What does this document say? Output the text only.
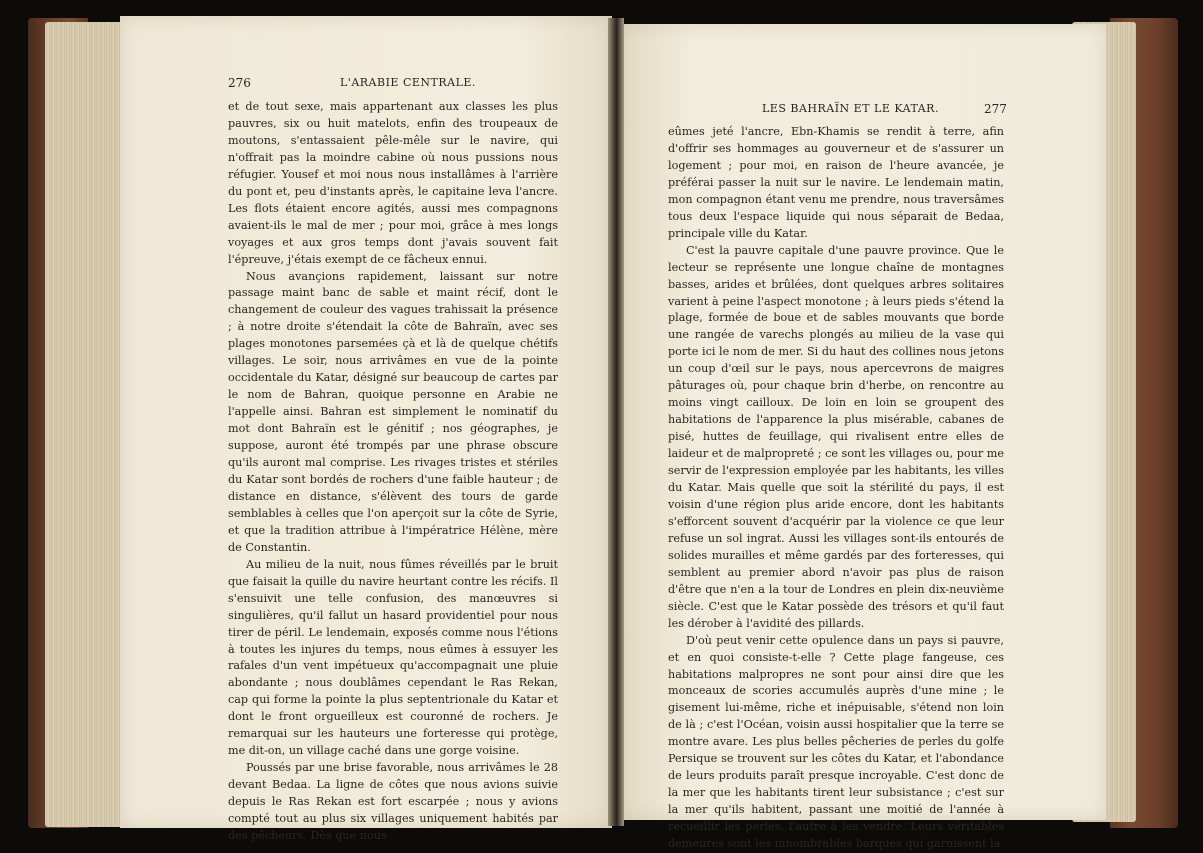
276	L'ARABIE CENTRALE.

et de tout sexe, mais appartenant aux classes les plus pauvres, six ou huit matelots, enfin des troupeaux de moutons, s'entassaient pêle-mêle sur le navire, qui n'offrait pas la moindre cabine où nous pussions nous réfugier. Yousef et moi nous nous installâmes à l'arrière du pont et, peu d'instants après, le capitaine leva l'ancre. Les flots étaient encore agités, aussi mes compagnons avaient-ils le mal de mer ; pour moi, grâce à mes longs voyages et aux gros temps dont j'avais souvent fait l'épreuve, j'étais exempt de ce fâcheux ennui.

Nous avançions rapidement, laissant sur notre passage maint banc de sable et maint récif, dont le changement de couleur des vagues trahissait la présence ; à notre droite s'étendait la côte de Bahraïn, avec ses plages monotones parsemées çà et là de quelque chétifs villages. Le soir, nous arrivâmes en vue de la pointe occidentale du Katar, désigné sur beaucoup de cartes par le nom de Bahran, quoique personne en Arabie ne l'appelle ainsi. Bahran est simplement le nominatif du mot dont Bahraïn est le génitif ; nos géographes, je suppose, auront été trompés par une phrase obscure qu'ils auront mal comprise. Les rivages tristes et stériles du Katar sont bordés de rochers d'une faible hauteur ; de distance en distance, s'élèvent des tours de garde semblables à celles que l'on aperçoit sur la côte de Syrie, et que la tradition attribue à l'impératrice Hélène, mère de Constantin.

Au milieu de la nuit, nous fûmes réveillés par le bruit que faisait la quille du navire heurtant contre les récifs. Il s'ensuivit une telle confusion, des manœuvres si singulières, qu'il fallut un hasard providentiel pour nous tirer de péril. Le lendemain, exposés comme nous l'étions à toutes les injures du temps, nous eûmes à essuyer les rafales d'un vent impétueux qu'accompagnait une pluie abondante ; nous doublâmes cependant le Ras Rekan, cap qui forme la pointe la plus septentrionale du Katar et dont le front orgueilleux est couronné de rochers. Je remarquai sur les hauteurs une forteresse qui protège, me dit-on, un village caché dans une gorge voisine.

Poussés par une brise favorable, nous arrivâmes le 28 devant Bedaa. La ligne de côtes que nous avions suivie depuis le Ras Rekan est fort escarpée ; nous y avions compté tout au plus six villages uniquement habités par des pêcheurs. Dès que nous

LES BAHRAÏN ET LE KATAR.	277

eûmes jeté l'ancre, Ebn-Khamis se rendit à terre, afin d'offrir ses hommages au gouverneur et de s'assurer un logement ; pour moi, en raison de l'heure avancée, je préférai passer la nuit sur le navire. Le lendemain matin, mon compagnon étant venu me prendre, nous traversâmes tous deux l'espace liquide qui nous séparait de Bedaa, principale ville du Katar.

C'est la pauvre capitale d'une pauvre province. Que le lecteur se représente une longue chaîne de montagnes basses, arides et brûlées, dont quelques arbres solitaires varient à peine l'aspect monotone ; à leurs pieds s'étend la plage, formée de boue et de sables mouvants que borde une rangée de varechs plongés au milieu de la vase qui porte ici le nom de mer. Si du haut des collines nous jetons un coup d'œil sur le pays, nous apercevrons de maigres pâturages où, pour chaque brin d'herbe, on rencontre au moins vingt cailloux. De loin en loin se groupent des habitations de l'apparence la plus misérable, cabanes de pisé, huttes de feuillage, qui rivalisent entre elles de laideur et de malpropreté ; ce sont les villages ou, pour me servir de l'expression employée par les habitants, les villes du Katar. Mais quelle que soit la stérilité du pays, il est voisin d'une région plus aride encore, dont les habitants s'efforcent souvent d'acquérir par la violence ce que leur refuse un sol ingrat. Aussi les villages sont-ils entourés de solides murailles et même gardés par des forteresses, qui semblent au premier abord n'avoir pas plus de raison d'être que n'en a la tour de Londres en plein dix-neuvième siècle. C'est que le Katar possède des trésors et qu'il faut les dérober à l'avidité des pillards.

D'où peut venir cette opulence dans un pays si pauvre, et en quoi consiste-t-elle ? Cette plage fangeuse, ces habitations malpropres ne sont pour ainsi dire que les monceaux de scories accumulés auprès d'une mine ; le gisement lui-même, riche et inépuisable, s'étend non loin de là ; c'est l'Océan, voisin aussi hospitalier que la terre se montre avare. Les plus belles pêcheries de perles du golfe Persique se trouvent sur les côtes du Katar, et l'abondance de leurs produits paraît presque incroyable. C'est donc de la mer que les habitants tirent leur subsistance ; c'est sur la mer qu'ils habitent, passant une moitié de l'année à recueillir les perles, l'autre à les vendre. Leurs véritables demeures sont les innombrables barques qui garnissent la
